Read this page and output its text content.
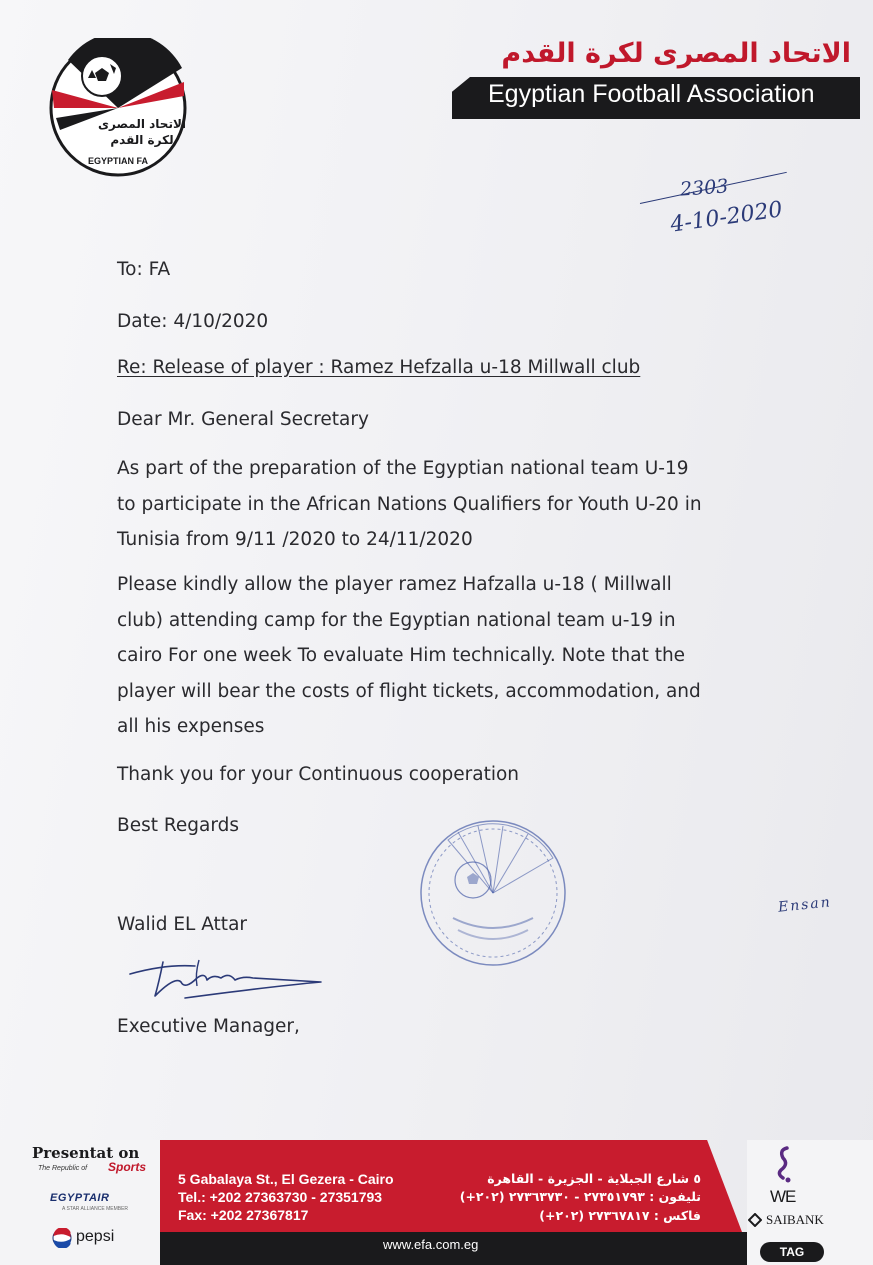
الاتحاد المصرى
لكرة القدم
EGYPTIAN FA
الاتحاد المصرى لكرة القدم
Egyptian Football Association
2303
4-10-2020
To: FA
Date: 4/10/2020
Re: Release of player : Ramez Hefzalla u-18 Millwall club
Dear Mr. General Secretary
As part of the preparation of the Egyptian national team U-19
to participate in the African Nations Qualifiers for Youth U-20 in
Tunisia from 9/11 /2020 to 24/11/2020
Please kindly allow the player ramez Hafzalla u-18 ( Millwall
club) attending camp for the Egyptian national team u-19 in
cairo For one week To evaluate Him technically. Note that the
player will bear the costs of flight tickets, accommodation, and
all his expenses
Thank you for your Continuous cooperation
Best Regards
Ensan
Walid EL Attar
Executive Manager,
Presentat on
The Republic of Sports
EGYPTAIR
A STAR ALLIANCE MEMBER
pepsi
5 Gabalaya St., El Gezera - Cairo
Tel.: +202 27363730 - 27351793
Fax: +202 27367817
٥ شارع الجبلاية - الجزيرة - القاهرة
تليفون : ٢٧٣٥١٧٩٣ - ٢٧٣٦٣٧٣٠ (٢٠٢+)
فاكس : ٢٧٣٦٧٨١٧ (٢٠٢+)
www.efa.com.eg
WE
SAIBANK
TAG
